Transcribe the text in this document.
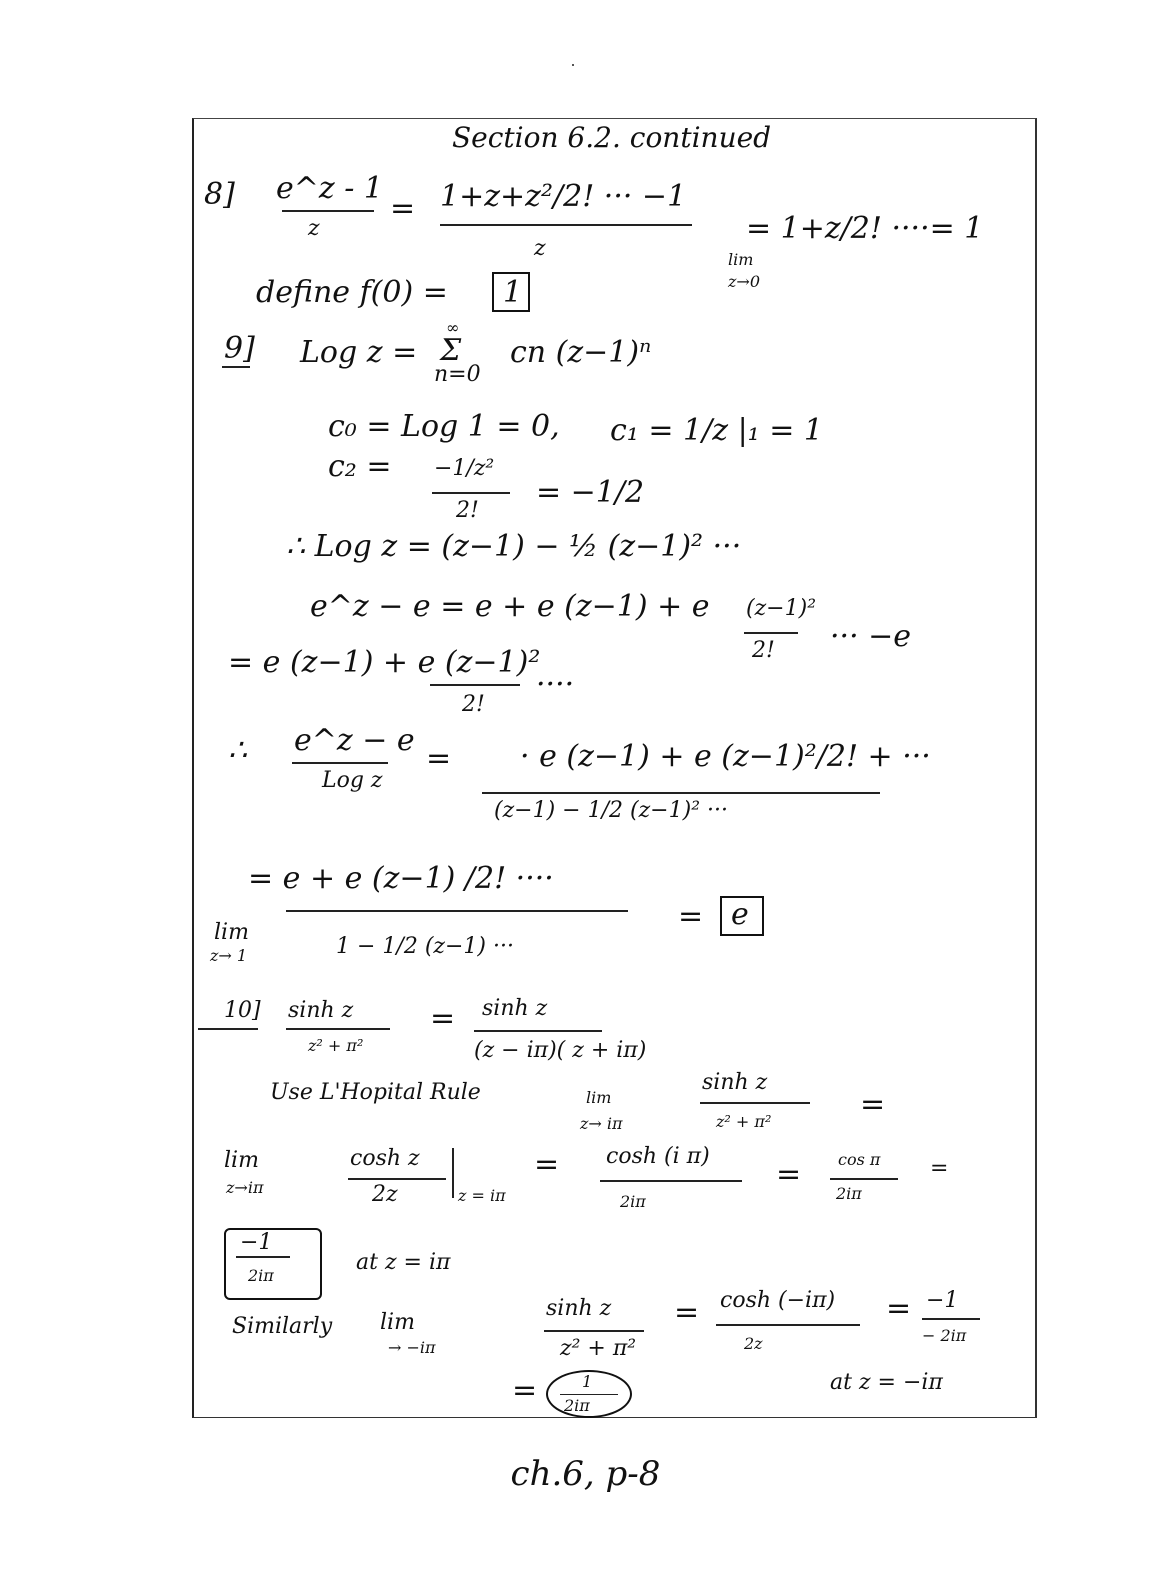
Section 6.2. continued
8] e^z - 1
z
= 1+z+z²/2! ··· −1
z
= 1+z/2! ····= 1
lim
z→0
define f(0) = 1
9] Log z =
∞
Σ
n=0
cn (z−1)ⁿ
c₀ = Log 1 = 0, c₁ = 1/z |₁ = 1
c₂ = −1/z²
2!
= −1/2
∴ Log z = (z−1) − ½ (z−1)² ···
e^z − e = e + e (z−1) + e (z−1)²
2! ··· −e
= e (z−1) + e (z−1)²
2!
····
∴ e^z − e
Log z
= · e (z−1) + e (z−1)²/2! + ···
(z−1) − 1/2 (z−1)² ···
= e + e (z−1) /2! ····
1 − 1/2 (z−1) ···
lim
z→ 1
= e
10] sinh z
z² + π²
= sinh z
(z − iπ)( z + iπ)
Use L'Hopital Rule	lim
z→ iπ
sinh z
z² + π²	=
lim
z→iπ
cosh z
2z	z = iπ
= cosh (i π)
2iπ
= cos π
2iπ
=
−1
2iπ
at z = iπ
Similarly lim
→ −iπ
sinh z
z² + π²
= cosh (−iπ)
2z
= −1
− 2iπ
=	1
2iπ
at z = −iπ
ch.6, p-8
